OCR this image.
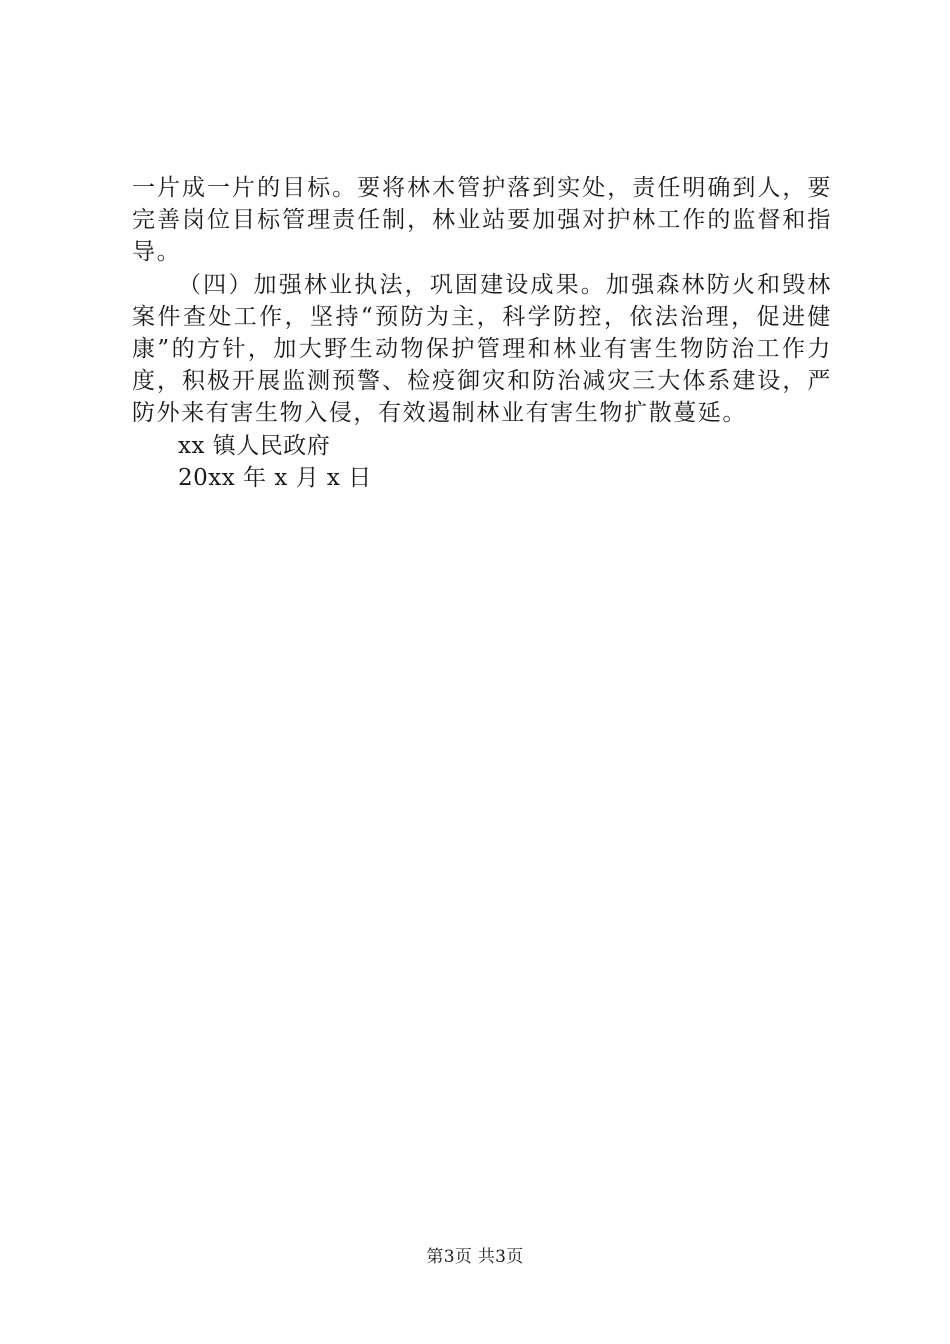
一片成一片的目标。要将林木管护落到实处，责任明确到人，要完善岗位目标管理责任制，林业站要加强对护林工作的监督和指导。

（四）加强林业执法，巩固建设成果。加强森林防火和毁林案件查处工作，坚持“预防为主，科学防控，依法治理，促进健康”的方针，加大野生动物保护管理和林业有害生物防治工作力度，积极开展监测预警、检疫御灾和防治减灾三大体系建设，严防外来有害生物入侵，有效遏制林业有害生物扩散蔓延。

xx 镇人民政府

20xx 年 x 月 x 日

第3页 共3页
